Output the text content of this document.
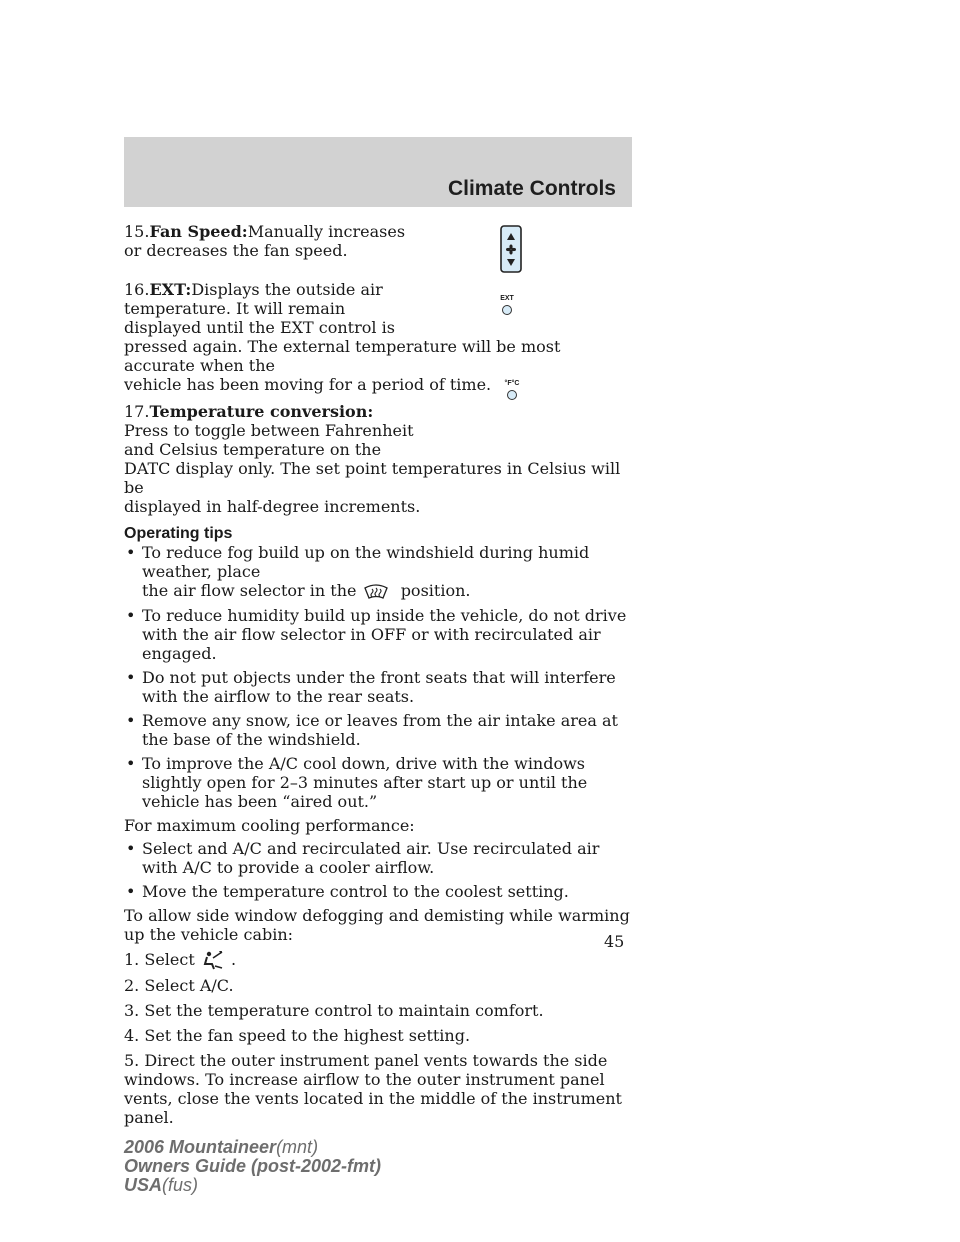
Climate Controls
EXT
°F°C

15.Fan Speed:Manually increases
or decreases the fan speed.

16.EXT:Displays the outside air
temperature. It will remain
displayed until the EXT control is
pressed again. The external temperature will be most accurate when the
vehicle has been moving for a period of time.

17.Temperature conversion:
Press to toggle between Fahrenheit
and Celsius temperature on the
DATC display only. The set point temperatures in Celsius will be
displayed in half-degree increments.

Operating tips

• To reduce fog build up on the windshield during humid weather, place
the air flow selector in the	position.
• To reduce humidity build up inside the vehicle, do not drive with the air flow selector in OFF or with recirculated air engaged.
• Do not put objects under the front seats that will interfere with the airflow to the rear seats.
• Remove any snow, ice or leaves from the air intake area at the base of the windshield.
• To improve the A/C cool down, drive with the windows slightly open for 2–3 minutes after start up or until the vehicle has been “aired out.”

For maximum cooling performance:

• Select and A/C and recirculated air. Use recirculated air with A/C to provide a cooler airflow.
• Move the temperature control to the coolest setting.

To allow side window defogging and demisting while warming up the vehicle cabin:

1. Select .

2. Select A/C.

3. Set the temperature control to maintain comfort.

4. Set the fan speed to the highest setting.

5. Direct the outer instrument panel vents towards the side windows. To increase airflow to the outer instrument panel vents, close the vents located in the middle of the instrument panel.

45
2006 Mountaineer(mnt)
Owners Guide (post-2002-fmt)
USA(fus)
